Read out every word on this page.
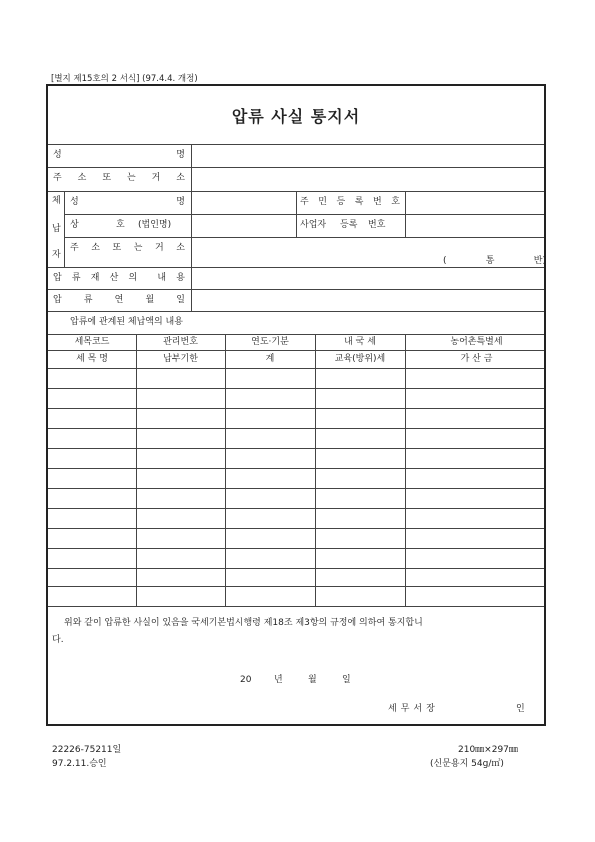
[별지 제15호의 2 서식] (97.4.4. 개정)
압류 사실 통지서
성	명
주 소 또 는 거 소
체
납
자
성	명	주 민 등 록 번 호
상	호 (법인명)	사업자 등록 번호
주 소 또 는 거 소
(	통	반)
압 류 재 산 의 내 용
압 류 연 월 일
압류에 관계된 체납액의 내용
세목코드	관리번호	연도·기분	내 국 세	농어촌특별세
세 목 명	납부기한	계	교육(방위)세	가 산 금
위와 같이 압류한 사실이 있음을 국세기본법시행령 제18조 제3항의 규정에 의하여 통지합니
다.
20	년	월	일
세무서장	인
22226-75211일
97.2.11.승인
210㎜×297㎜
(신문용지 54g/㎡)
